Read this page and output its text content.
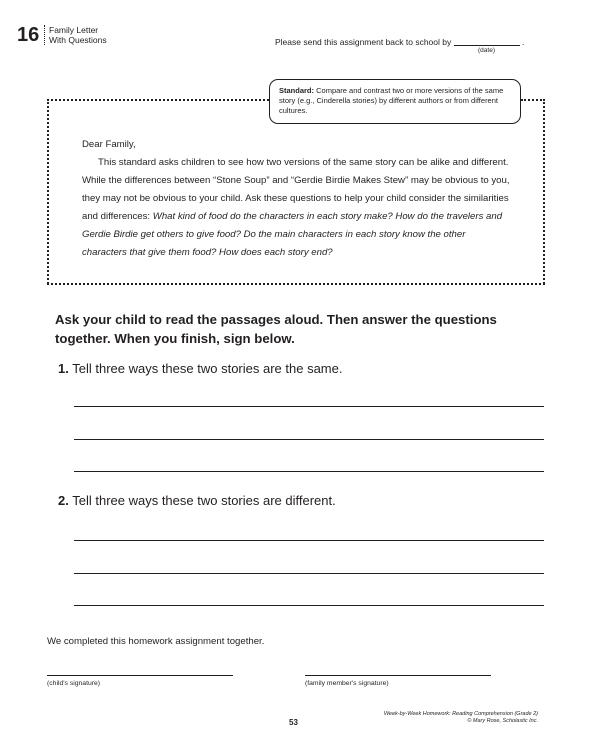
16 Family Letter
With Questions	Please send this assignment back to school by	.
(date)
Standard: Compare and contrast two or more versions of the same story (e.g., Cinderella stories) by different authors or from different cultures.

Dear Family,

This standard asks children to see how two versions of the same story can be alike and different. While the differences between “Stone Soup” and “Gerdie Birdie Makes Stew” may be obvious to you, they may not be obvious to your child. Ask these questions to help your child consider the similarities and differences: What kind of food do the characters in each story make? How do the travelers and Gerdie Birdie get others to give food? Do the main characters in each story know the other characters that give them food? How does each story end?

Ask your child to read the passages aloud. Then answer the questions together. When you finish, sign below.
1. Tell three ways these two stories are the same.
2. Tell three ways these two stories are different.
We completed this homework assignment together.
(child's signature)	(family member's signature)
53
Week-by-Week Homework: Reading Comprehension (Grade 2)
© Mary Rose, Scholastic Inc.
